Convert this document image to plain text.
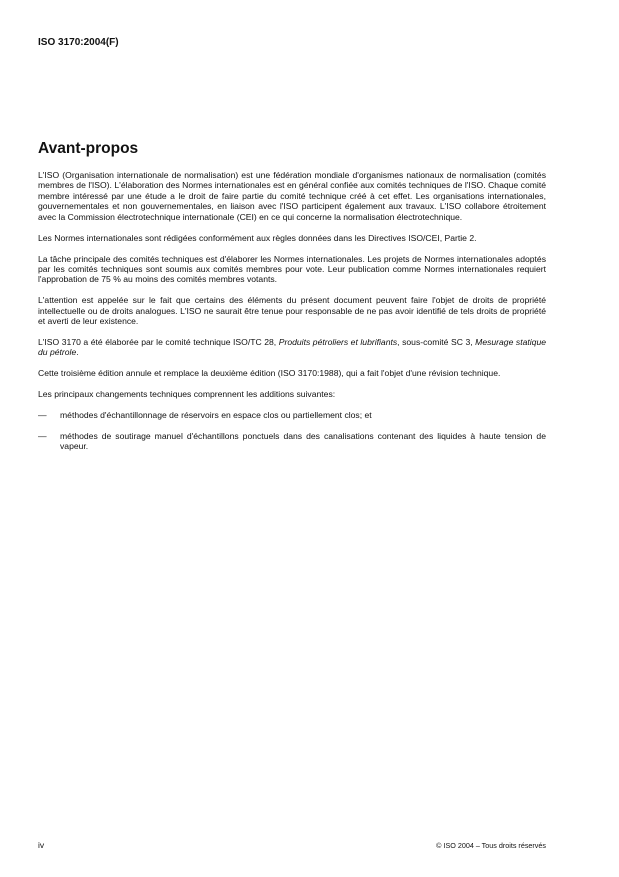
ISO 3170:2004(F)
Avant-propos

L'ISO (Organisation internationale de normalisation) est une fédération mondiale d'organismes nationaux de normalisation (comités membres de l'ISO). L'élaboration des Normes internationales est en général confiée aux comités techniques de l'ISO. Chaque comité membre intéressé par une étude a le droit de faire partie du comité technique créé à cet effet. Les organisations internationales, gouvernementales et non gouvernementales, en liaison avec l'ISO participent également aux travaux. L'ISO collabore étroitement avec la Commission électrotechnique internationale (CEI) en ce qui concerne la normalisation électrotechnique.

Les Normes internationales sont rédigées conformément aux règles données dans les Directives ISO/CEI, Partie 2.

La tâche principale des comités techniques est d'élaborer les Normes internationales. Les projets de Normes internationales adoptés par les comités techniques sont soumis aux comités membres pour vote. Leur publication comme Normes internationales requiert l'approbation de 75 % au moins des comités membres votants.

L'attention est appelée sur le fait que certains des éléments du présent document peuvent faire l'objet de droits de propriété intellectuelle ou de droits analogues. L'ISO ne saurait être tenue pour responsable de ne pas avoir identifié de tels droits de propriété et averti de leur existence.

L'ISO 3170 a été élaborée par le comité technique ISO/TC 28, Produits pétroliers et lubrifiants, sous-comité SC 3, Mesurage statique du pétrole.

Cette troisième édition annule et remplace la deuxième édition (ISO 3170:1988), qui a fait l'objet d'une révision technique.

Les principaux changements techniques comprennent les additions suivantes:

—	méthodes d'échantillonnage de réservoirs en espace clos ou partiellement clos; et
—	méthodes de soutirage manuel d'échantillons ponctuels dans des canalisations contenant des liquides à haute tension de vapeur.
iv	© ISO 2004 – Tous droits réservés
